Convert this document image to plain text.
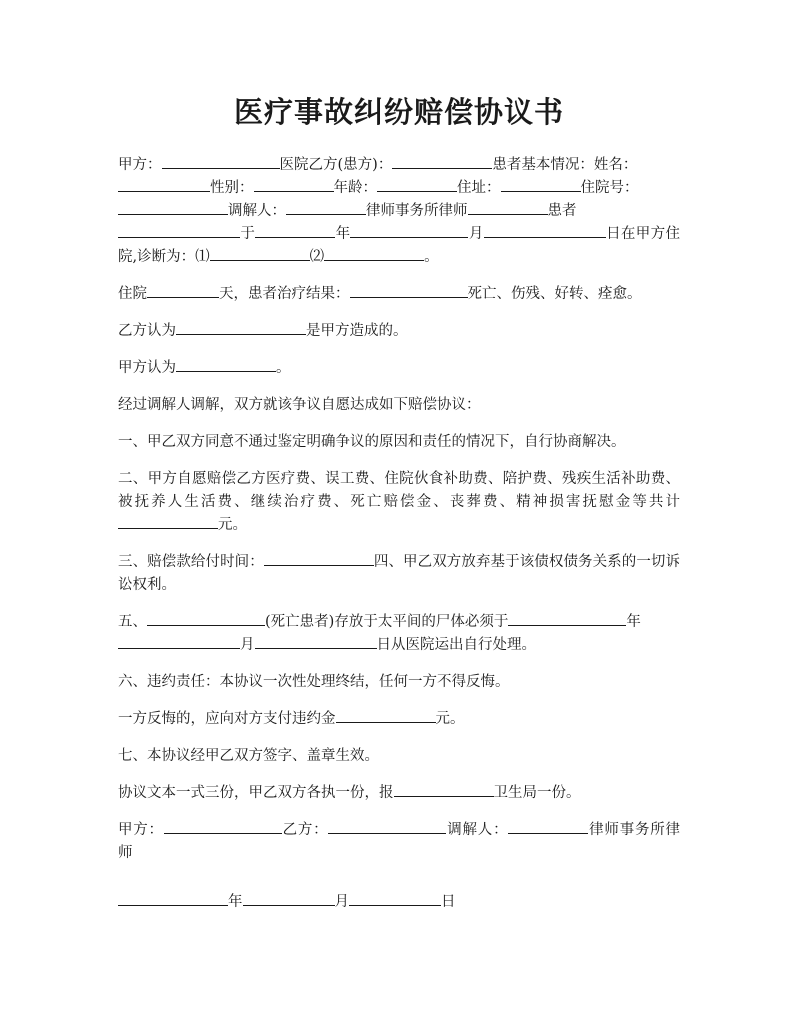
医疗事故纠纷赔偿协议书

甲方：	医院乙方(患方)：	患者基本情况：姓名：
性别：	年龄：	住址：	住院号：
调解人：	律师事务所律师	患者
于	年	月	日在甲方住院,诊断为：⑴	⑵	。

住院	天，患者治疗结果：	死亡、伤残、好转、痊愈。

乙方认为	是甲方造成的。

甲方认为	。

经过调解人调解，双方就该争议自愿达成如下赔偿协议：

一、甲乙双方同意不通过鉴定明确争议的原因和责任的情况下，自行协商解决。

二、甲方自愿赔偿乙方医疗费、误工费、住院伙食补助费、陪护费、残疾生活补助费、被抚养人生活费、继续治疗费、死亡赔偿金、丧葬费、精神损害抚慰金等共计元。

三、赔偿款给付时间：	四、甲乙双方放弃基于该债权债务关系的一切诉讼权利。

五、	(死亡患者)存放于太平间的尸体必须于	年
月	日从医院运出自行处理。

六、违约责任：本协议一次性处理终结，任何一方不得反悔。

一方反悔的，应向对方支付违约金	元。

七、本协议经甲乙双方签字、盖章生效。

协议文本一式三份，甲乙双方各执一份，报	卫生局一份。

甲方：	乙方：	调解人：	律师事务所律师

年	月	日
